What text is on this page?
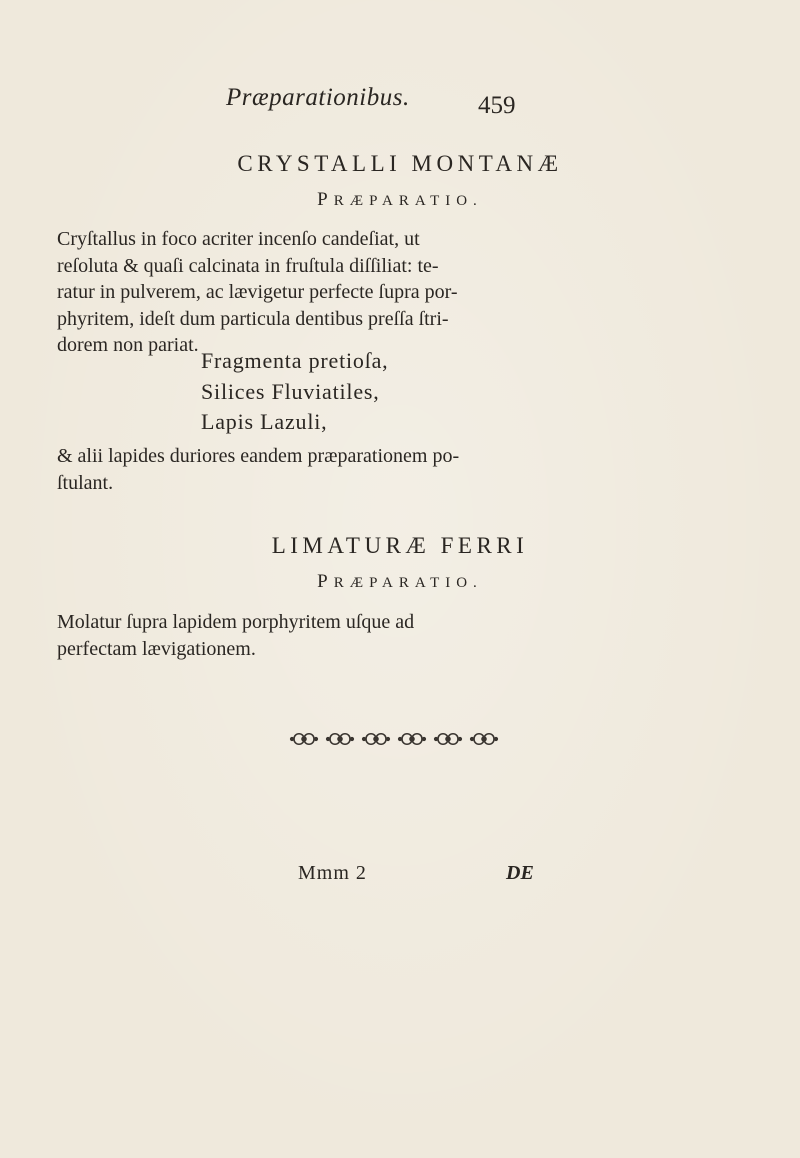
Præparationibus.	459
CRYSTALLI MONTANÆ
PRÆPARATIO.
Cryſtallus in foco acriter incenſo candeſiat, ut
reſoluta & quaſi calcinata in fruſtula diſſiliat: te-
ratur in pulverem, ac lævigetur perfecte ſupra por-
phyritem, ideſt dum particula dentibus preſſa ſtri-
dorem non pariat.
Fragmenta pretioſa,
Silices Fluviatiles,
Lapis Lazuli,
& alii lapides duriores eandem præparationem po-
ſtulant.
LIMATURÆ FERRI
PRÆPARATIO.
Molatur ſupra lapidem porphyritem uſque ad
perfectam lævigationem.
Mmm 2	DE
